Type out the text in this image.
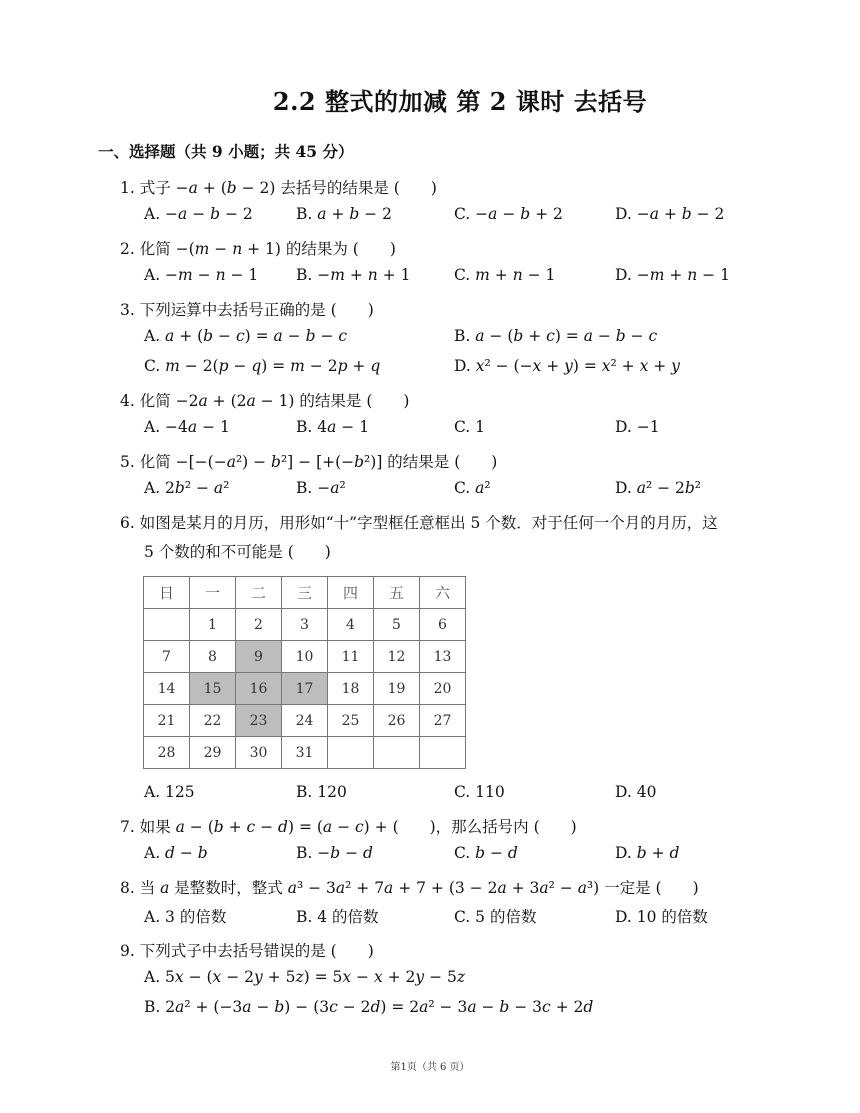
2.2 整式的加减 第 2 课时 去括号
一、选择题（共 9 小题；共 45 分）
1. 式子 −𝑎 + (𝑏 − 2) 去括号的结果是 (　　)
A. −𝑎 − 𝑏 − 2	B. 𝑎 + 𝑏 − 2	C. −𝑎 − 𝑏 + 2	D. −𝑎 + 𝑏 − 2
2. 化简 −(𝑚 − 𝑛 + 1) 的结果为 (　　)
A. −𝑚 − 𝑛 − 1 B. −𝑚 + 𝑛 + 1	C. 𝑚 + 𝑛 − 1	D. −𝑚 + 𝑛 − 1
3. 下列运算中去括号正确的是 (　　)
A. 𝑎 + (𝑏 − 𝑐) = 𝑎 − 𝑏 − 𝑐	B. 𝑎 − (𝑏 + 𝑐) = 𝑎 − 𝑏 − 𝑐
C. 𝑚 − 2(𝑝 − 𝑞) = 𝑚 − 2𝑝 + 𝑞	D. 𝑥² − (−𝑥 + 𝑦) = 𝑥² + 𝑥 + 𝑦
4. 化简 −2𝑎 + (2𝑎 − 1) 的结果是 (　　)
A. −4𝑎 − 1	B. 4𝑎 − 1	C. 1	D. −1
5. 化简 −[−(−𝑎²) − 𝑏²] − [+(−𝑏²)] 的结果是 (　　)
A. 2𝑏² − 𝑎²	B. −𝑎²	C. 𝑎²	D. 𝑎² − 2𝑏²
6. 如图是某月的月历，用形如“十”字型框任意框出 5 个数．对于任何一个月的月历，这
5 个数的和不可能是 (　　)
日	一	二	三	四	五	六
	1	2	3	4	5	6
7	8	9	10	11	12	13
14	15	16	17	18	19	20
21	22	23	24	25	26	27
28	29	30	31			
A. 125	B. 120	C. 110	D. 40
7. 如果 𝑎 − (𝑏 + 𝑐 − 𝑑) = (𝑎 − 𝑐) + (　　)，那么括号内 (　　)
A. 𝑑 − 𝑏	B. −𝑏 − 𝑑	C. 𝑏 − 𝑑	D. 𝑏 + 𝑑
8. 当 𝑎 是整数时，整式 𝑎³ − 3𝑎² + 7𝑎 + 7 + (3 − 2𝑎 + 3𝑎² − 𝑎³) 一定是 (　　)
A. 3 的倍数	B. 4 的倍数	C. 5 的倍数	D. 10 的倍数
9. 下列式子中去括号错误的是 (　　)
A. 5𝑥 − (𝑥 − 2𝑦 + 5𝑧) = 5𝑥 − 𝑥 + 2𝑦 − 5𝑧
B. 2𝑎² + (−3𝑎 − 𝑏) − (3𝑐 − 2𝑑) = 2𝑎² − 3𝑎 − 𝑏 − 3𝑐 + 2𝑑
第1页（共 6 页）
